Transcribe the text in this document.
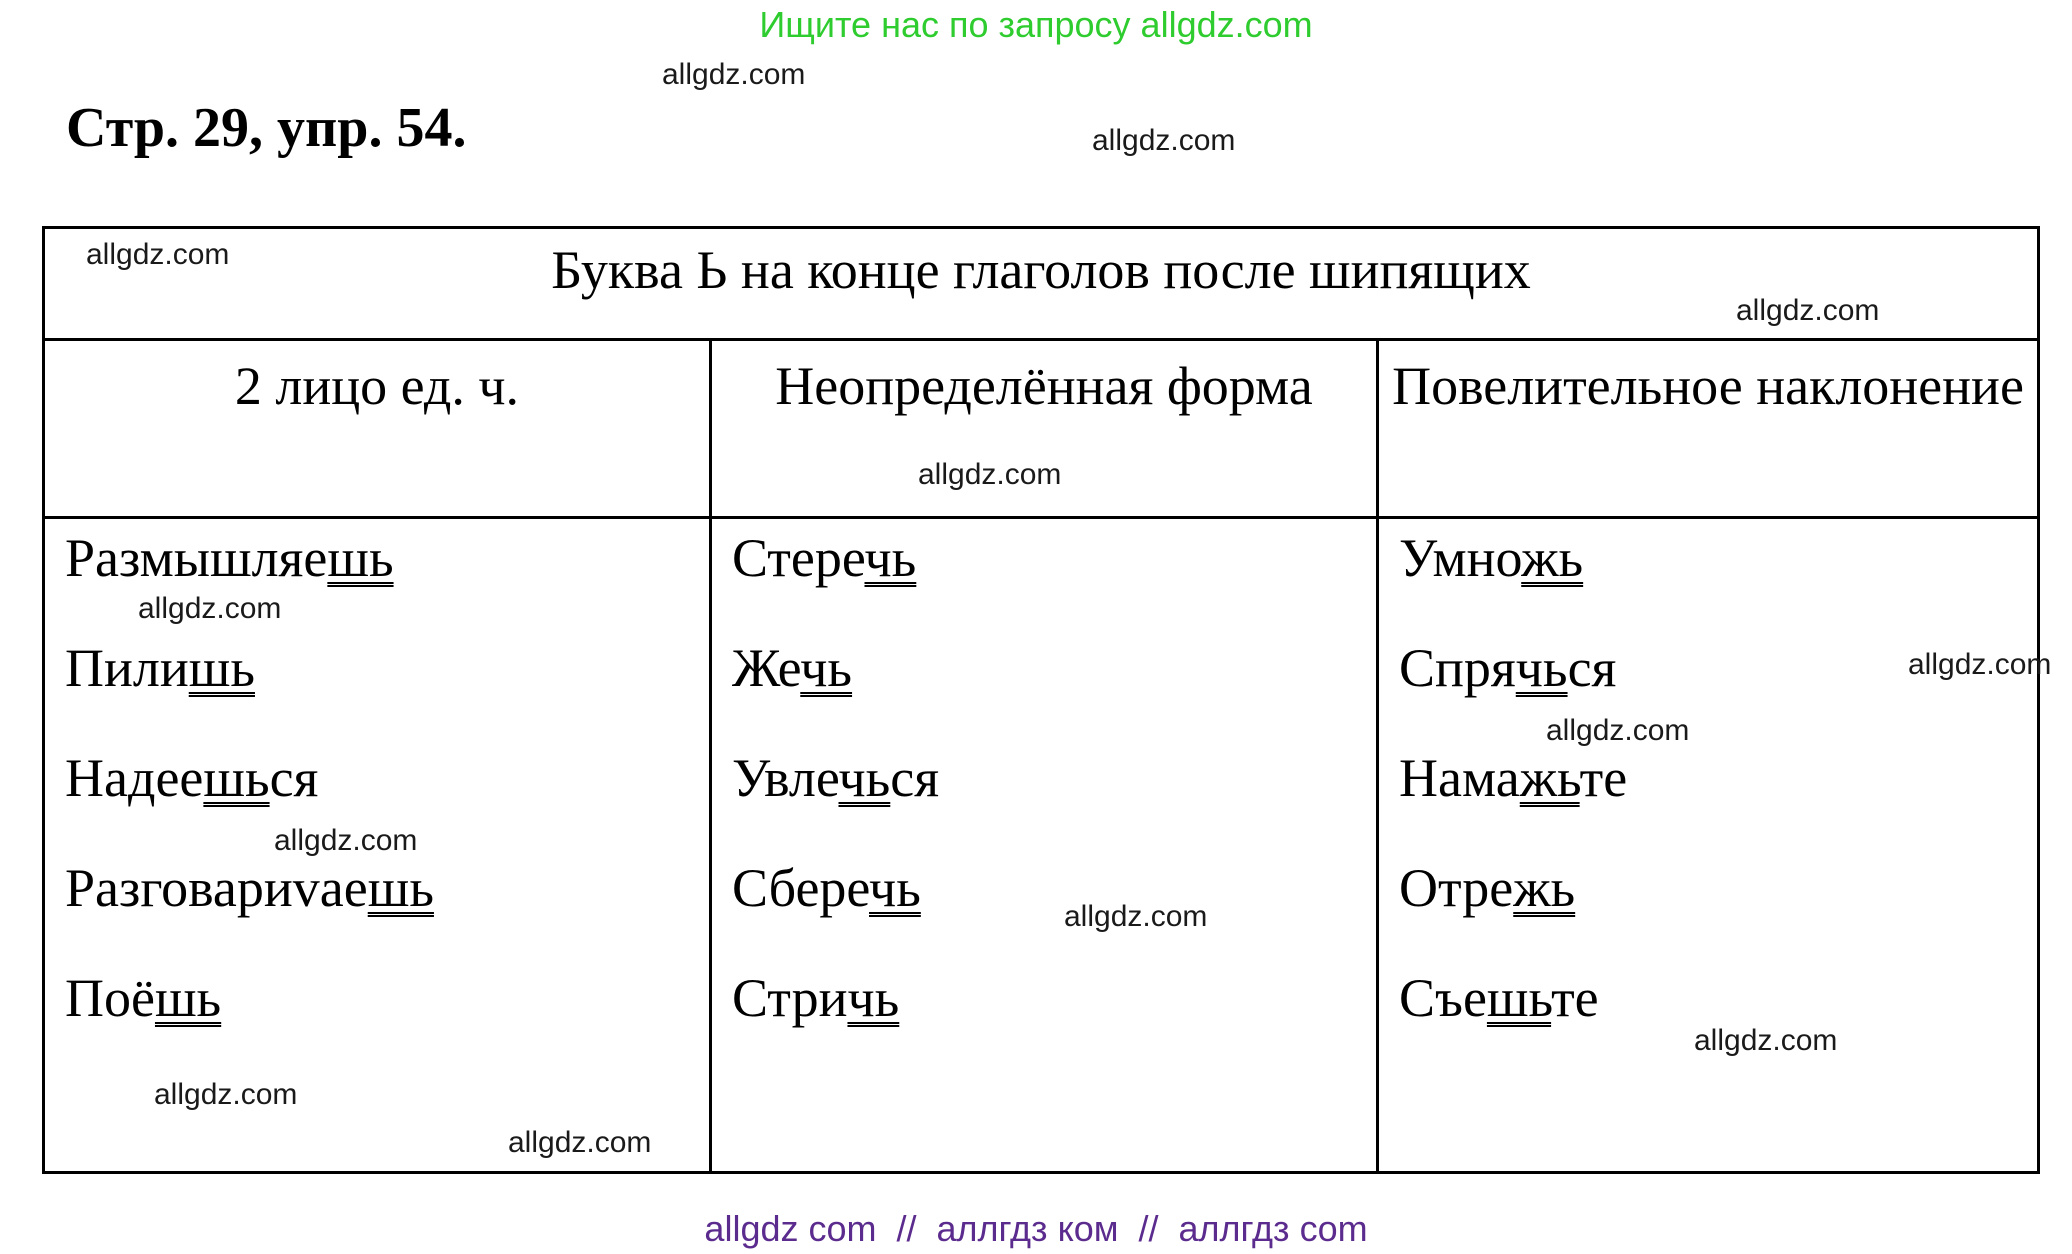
Ищите нас по запросу allgdz.com
Стр. 29, упр. 54.
Буква Ь на конце глаголов после шипящих
2 лицо ед. ч.
Размышляешь
Пилишь
Надеешься
Разговариvaeшь
Поёшь
Неопределённая форма
Стеречь
Жечь
Увлечься
Сберечь
Стричь
Повелительное наклонение
Умножь
Спрячься
Намажьте
Отрежь
Съешьте
allgdz.com
allgdz.com
allgdz.com
allgdz.com
allgdz.com
allgdz.com
allgdz.com
allgdz.com
allgdz.com
allgdz.com
allgdz.com
allgdz.com
allgdz.com
allgdz com  //  аллгдз ком  //  аллгдз com
